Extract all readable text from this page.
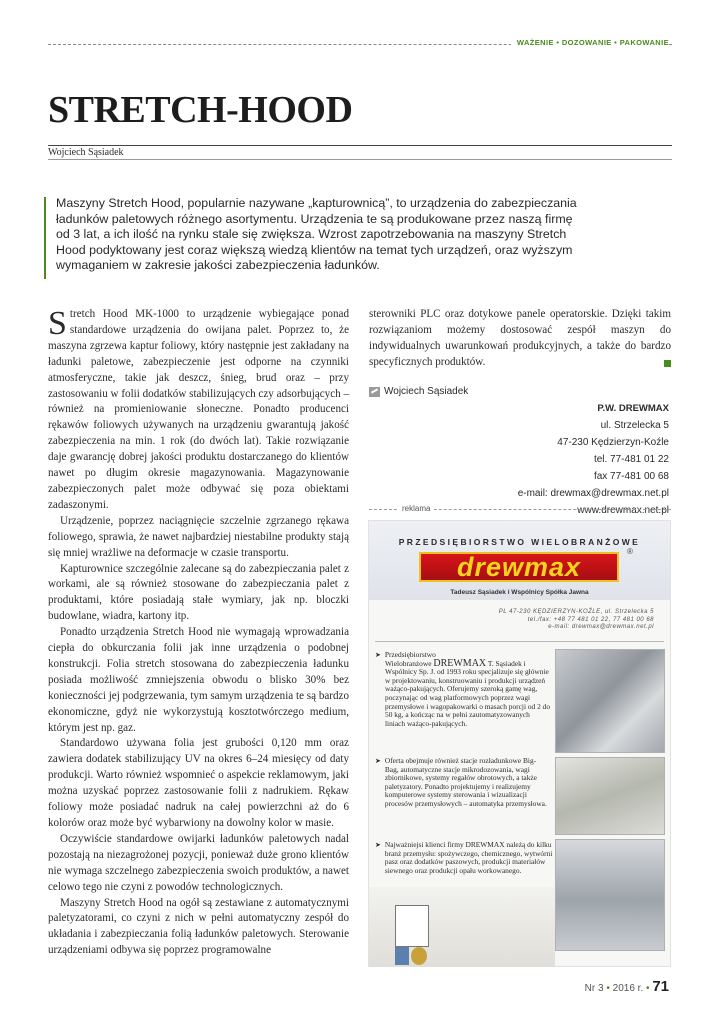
WAŻENIE • DOZOWANIE • PAKOWANIE
STRETCH-HOOD
Wojciech Sąsiadek
Maszyny Stretch Hood, popularnie nazywane „kapturownicą”, to urządzenia do zabezpieczania ładunków paletowych różnego asortymentu. Urządzenia te są produkowane przez naszą firmę od 3 lat, a ich ilość na rynku stale się zwiększa. Wzrost zapotrzebowania na maszyny Stretch Hood podyktowany jest coraz większą wiedzą klientów na temat tych urządzeń, oraz wyższym wymaganiem w zakresie jakości zabezpieczenia ładunków.

Stretch Hood MK-1000 to urządzenie wybiegające ponad standardowe urządzenia do owijana palet. Poprzez to, że maszyna zgrzewa kaptur foliowy, który następnie jest zakładany na ładunki paletowe, zabezpieczenie jest odporne na czynniki atmosferyczne, takie jak deszcz, śnieg, brud oraz – przy zastosowaniu w folii dodatków stabilizujących czy adsorbujących – również na promieniowanie słoneczne. Ponadto producenci rękawów foliowych używanych na urządzeniu gwarantują jakość zabezpieczenia na min. 1 rok (do dwóch lat). Takie rozwiązanie daje gwarancję dobrej jakości produktu dostarczanego do klientów nawet po długim okresie magazynowania. Magazynowanie zabezpieczonych palet może odbywać się poza obiektami zadaszonymi.

Urządzenie, poprzez naciągnięcie szczelnie zgrzanego rękawa foliowego, sprawia, że nawet najbardziej niestabilne produkty stają się mniej wrażliwe na deformacje w czasie transportu.

Kapturownice szczególnie zalecane są do zabezpieczania palet z workami, ale są również stosowane do zabezpieczania palet z produktami, które posiadają stałe wymiary, jak np. bloczki budowlane, wiadra, kartony itp.

Ponadto urządzenia Stretch Hood nie wymagają wprowadzania ciepła do obkurczania folii jak inne urządzenia o podobnej konstrukcji. Folia stretch stosowana do zabezpieczenia ładunku posiada możliwość zmniejszenia obwodu o blisko 30% bez konieczności jej podgrzewania, tym samym urządzenia te są bardzo ekonomiczne, gdyż nie wykorzystują kosztotwórczego medium, którym jest np. gaz.

Standardowo używana folia jest grubości 0,120 mm oraz zawiera dodatek stabilizujący UV na okres 6–24 miesięcy od daty produkcji. Warto również wspomnieć o aspekcie reklamowym, jaki można uzyskać poprzez zastosowanie folii z nadrukiem. Rękaw foliowy może posiadać nadruk na całej powierzchni aż do 6 kolorów oraz może być wybarwiony na dowolny kolor w masie.

Oczywiście standardowe owijarki ładunków paletowych nadal pozostają na niezagrożonej pozycji, ponieważ duże grono klientów nie wymaga szczelnego zabezpieczenia swoich produktów, a nawet celowo tego nie czyni z powodów technologicznych.

Maszyny Stretch Hood na ogół są zestawiane z automatycznymi paletyzatorami, co czyni z nich w pełni automatyczny zespół do układania i zabezpieczania folią ładunków paletowych. Sterowanie urządzeniami odbywa się poprzez programowalne

sterowniki PLC oraz dotykowe panele operatorskie. Dzięki takim rozwiązaniom możemy dostosować zespół maszyn do indywidualnych uwarunkowań produkcyjnych, a także do bardzo specyficznych produktów.

Wojciech Sąsiadek
P.W. DREWMAX
ul. Strzelecka 5
47-230 Kędzierzyn-Koźle
tel. 77-481 01 22
fax 77-481 00 68
e-mail: drewmax@drewmax.net.pl
www.drewmax.net.pl
reklama
PRZEDSIĘBIORSTWO WIELOBRANŻOWE
drewmax	®
Tadeusz Sąsiadek i Wspólnicy Spółka Jawna
PL 47-230 KĘDZIERZYN-KOŹLE, ul. Strzelecka 5
tel./fax: +48 77 481 01 22, 77 481 00 68
e-mail: drewmax@drewmax.net.pl
➤ Przedsiębiorstwo
Wielobranżowe DREWMAX T. Sąsiadek i Wspólnicy Sp. J. od 1993 roku specjalizuje się głównie w projektowaniu, konstruowaniu i produkcji urządzeń ważąco-pakujących. Oferujemy szeroką gamę wag, poczynając od wag platformowych poprzez wagi przemysłowe i wagopakowarki o masach porcji od 2 do 50 kg, a kończąc na w pełni zautomatyzowanych liniach ważąco-pakujących.
➤ Oferta obejmuje również stacje rozładunkowe Big-Bag, automatyczne stacje mikrodozowania, wagi zbiornikowe, systemy regałów obrotowych, a także paletyzatory. Ponadto projektujemy i realizujemy komputerowe systemy sterowania i wizualizacji procesów przemysłowych – automatyka przemysłowa.
➤ Najważniejsi klienci firmy DREWMAX należą do kilku branż przemysłu: spożywczego, chemicznego, wytwórni pasz oraz dodatków paszowych, produkcji materiałów siewnego oraz produkcji opału workowanego.
Nr 3 • 2016 r. • 71
